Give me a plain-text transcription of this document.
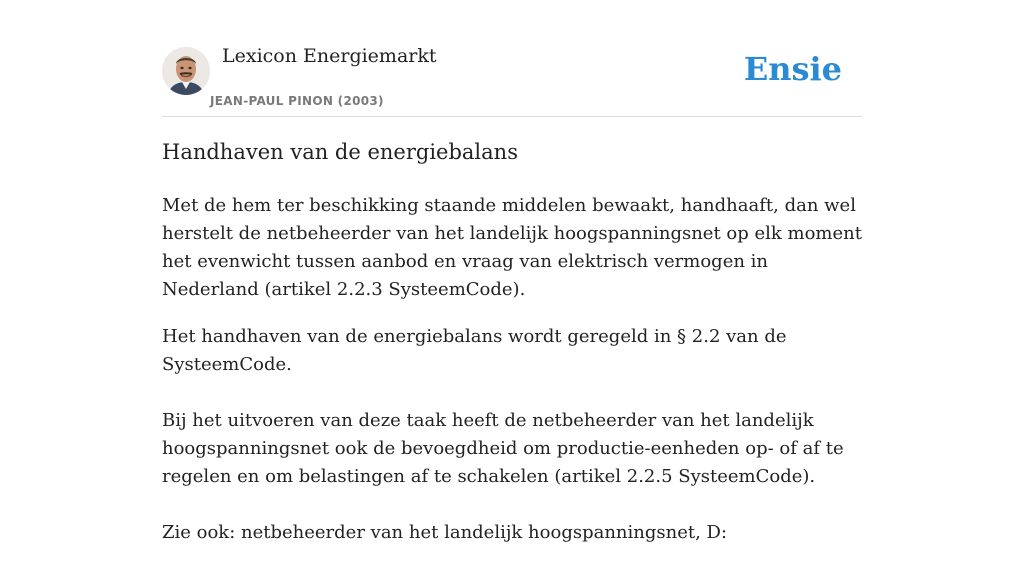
Lexicon Energiemarkt
JEAN-PAUL PINON (2003)
Ensie
Handhaven van de energiebalans

Met de hem ter beschikking staande middelen bewaakt, handhaaft, dan wel herstelt de netbeheerder van het landelijk hoogspanningsnet op elk moment het evenwicht tussen aanbod en vraag van elektrisch vermogen in Nederland (artikel 2.2.3 SysteemCode).

Het handhaven van de energiebalans wordt geregeld in § 2.2 van de SysteemCode.

Bij het uitvoeren van deze taak heeft de netbeheerder van het landelijk hoogspanningsnet ook de bevoegdheid om productie-eenheden op- of af te regelen en om belastingen af te schakelen (artikel 2.2.5 SysteemCode).

Zie ook: netbeheerder van het landelijk hoogspanningsnet, D:
